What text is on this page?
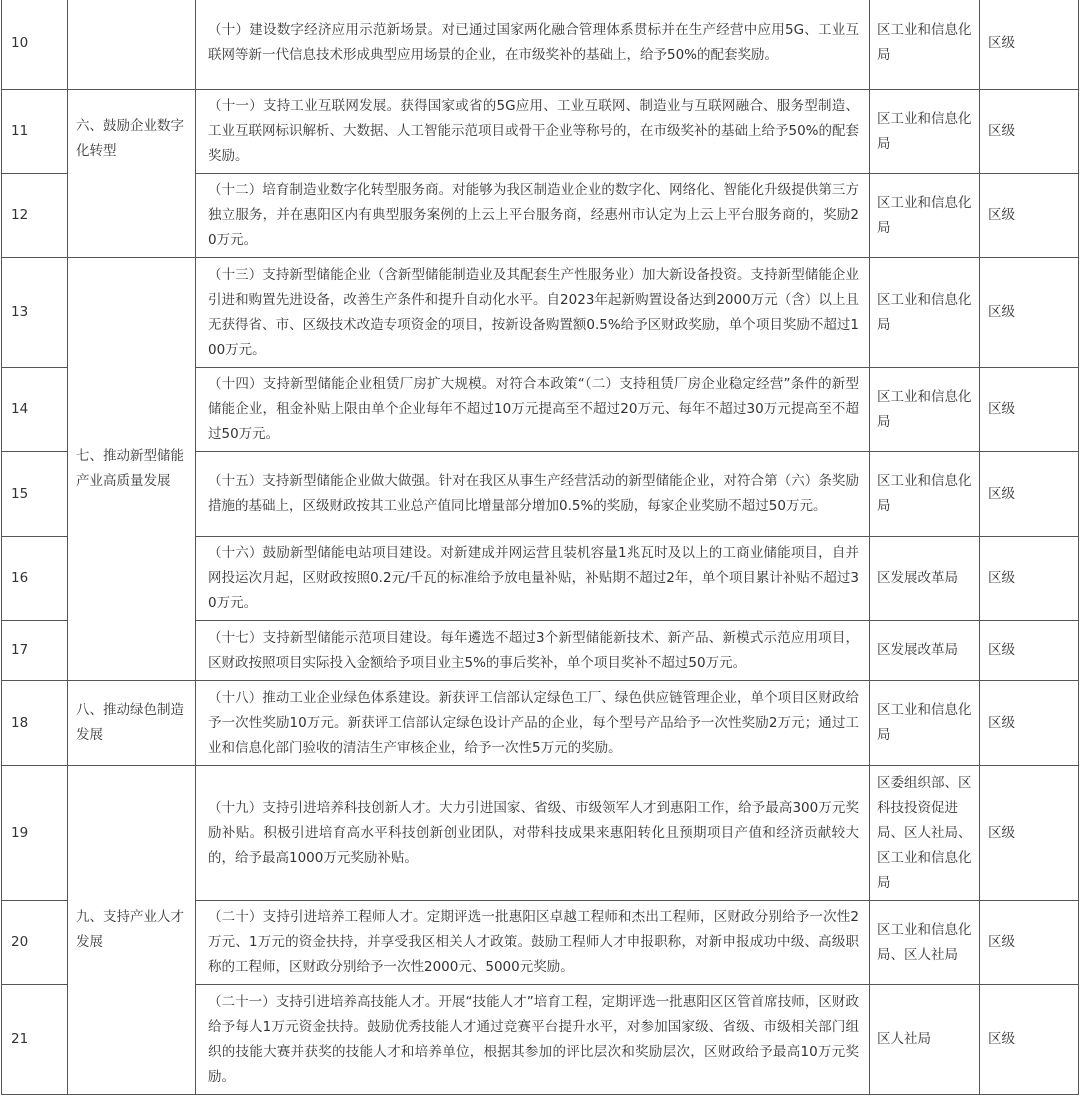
10		（十）建设数字经济应用示范新场景。对已通过国家两化融合管理体系贯标并在生产经营中应用5G、工业互联网等新一代信息技术形成典型应用场景的企业，在市级奖补的基础上，给予50%的配套奖励。	区工业和信息化局	区级
11	六、鼓励企业数字化转型	（十一）支持工业互联网发展。获得国家或省的5G应用、工业互联网、制造业与互联网融合、服务型制造、工业互联网标识解析、大数据、人工智能示范项目或骨干企业等称号的，在市级奖补的基础上给予50%的配套奖励。	区工业和信息化局	区级
12		（十二）培育制造业数字化转型服务商。对能够为我区制造业企业的数字化、网络化、智能化升级提供第三方独立服务，并在惠阳区内有典型服务案例的上云上平台服务商，经惠州市认定为上云上平台服务商的，奖励20万元。	区工业和信息化局	区级
13	七、推动新型储能产业高质量发展	（十三）支持新型储能企业（含新型储能制造业及其配套生产性服务业）加大新设备投资。支持新型储能企业引进和购置先进设备，改善生产条件和提升自动化水平。自2023年起新购置设备达到2000万元（含）以上且无获得省、市、区级技术改造专项资金的项目，按新设备购置额0.5%给予区财政奖励，单个项目奖励不超过100万元。	区工业和信息化局	区级
14		（十四）支持新型储能企业租赁厂房扩大规模。对符合本政策“（二）支持租赁厂房企业稳定经营”条件的新型储能企业，租金补贴上限由单个企业每年不超过10万元提高至不超过20万元、每年不超过30万元提高至不超过50万元。	区工业和信息化局	区级
15		（十五）支持新型储能企业做大做强。针对在我区从事生产经营活动的新型储能企业，对符合第（六）条奖励措施的基础上，区级财政按其工业总产值同比增量部分增加0.5%的奖励，每家企业奖励不超过50万元。	区工业和信息化局	区级
16		（十六）鼓励新型储能电站项目建设。对新建成并网运营且装机容量1兆瓦时及以上的工商业储能项目，自并网投运次月起，区财政按照0.2元/千瓦的标准给予放电量补贴，补贴期不超过2年，单个项目累计补贴不超过30万元。	区发展改革局	区级
17		（十七）支持新型储能示范项目建设。每年遴选不超过3个新型储能新技术、新产品、新模式示范应用项目，区财政按照项目实际投入金额给予项目业主5%的事后奖补，单个项目奖补不超过50万元。	区发展改革局	区级
18	八、推动绿色制造发展	（十八）推动工业企业绿色体系建设。新获评工信部认定绿色工厂、绿色供应链管理企业，单个项目区财政给予一次性奖励10万元。新获评工信部认定绿色设计产品的企业，每个型号产品给予一次性奖励2万元；通过工业和信息化部门验收的清洁生产审核企业，给予一次性5万元的奖励。	区工业和信息化局	区级
19	九、支持产业人才发展	（十九）支持引进培养科技创新人才。大力引进国家、省级、市级领军人才到惠阳工作，给予最高300万元奖励补贴。积极引进培育高水平科技创新创业团队，对带科技成果来惠阳转化且预期项目产值和经济贡献较大的，给予最高1000万元奖励补贴。	区委组织部、区科技投资促进局、区人社局、区工业和信息化局	区级
20		（二十）支持引进培养工程师人才。定期评选一批惠阳区卓越工程师和杰出工程师，区财政分别给予一次性2万元、1万元的资金扶持，并享受我区相关人才政策。鼓励工程师人才申报职称，对新申报成功中级、高级职称的工程师，区财政分别给予一次性2000元、5000元奖励。	区工业和信息化局、区人社局	区级
21		（二十一）支持引进培养高技能人才。开展“技能人才”培育工程，定期评选一批惠阳区区管首席技师，区财政给予每人1万元资金扶持。鼓励优秀技能人才通过竞赛平台提升水平，对参加国家级、省级、市级相关部门组织的技能大赛并获奖的技能人才和培养单位，根据其参加的评比层次和奖励层次，区财政给予最高10万元奖励。	区人社局	区级
